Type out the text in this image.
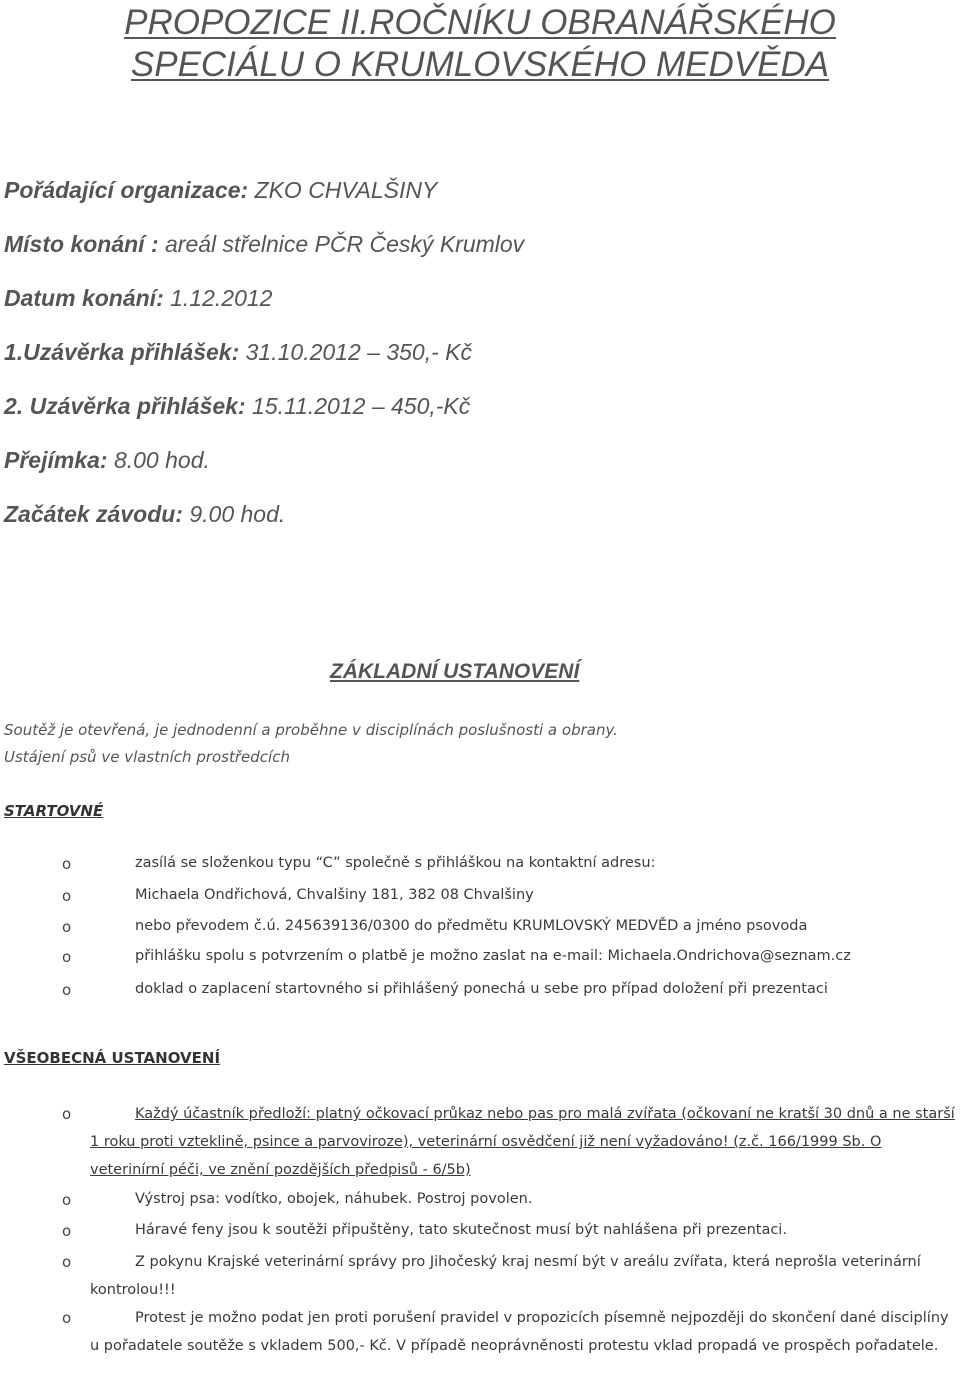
PROPOZICE II.ROČNÍKU OBRANÁŘSKÉHO
SPECIÁLU O KRUMLOVSKÉHO MEDVĚDA
Pořádající organizace: ZKO CHVALŠINY
Místo konání : areál střelnice PČR Český Krumlov
Datum konání: 1.12.2012
1.Uzávěrka přihlášek: 31.10.2012 – 350,- Kč
2. Uzávěrka přihlášek: 15.11.2012 – 450,-Kč
Přejímka: 8.00 hod.
Začátek závodu: 9.00 hod.
ZÁKLADNÍ USTANOVENÍ
Soutěž je otevřená, je jednodenní a proběhne v disciplínách poslušnosti a obrany.
Ustájení psů ve vlastních prostředcích
STARTOVNÉ
o	zasílá se složenkou typu “C” společně s přihláškou na kontaktní adresu:
o	Michaela Ondřichová, Chvalšiny 181, 382 08 Chvalšiny
o	nebo převodem č.ú. 245639136/0300 do předmětu KRUMLOVSKÝ MEDVĚD a jméno psovoda
o	přihlášku spolu s potvrzením o platbě je možno zaslat na e-mail: Michaela.Ondrichova@seznam.cz
o	doklad o zaplacení startovného si přihlášený ponechá u sebe pro případ doložení při prezentaci
VŠEOBECNÁ USTANOVENÍ
o	Každý účastník předloží: platný očkovací průkaz nebo pas pro malá zvířata (očkovaní ne kratší 30 dnů a ne starší 1 roku proti vzteklině, psince a parvoviroze), veterinární osvědčení již není vyžadováno! (z.č. 166/1999 Sb. O veterinírní péči, ve znění pozdějších předpisů - 6/5b)
o	Výstroj psa: vodítko, obojek, náhubek. Postroj povolen.
o	Háravé feny jsou k soutěži připuštěny, tato skutečnost musí být nahlášena při prezentaci.
o	Z pokynu Krajské veterinární správy pro Jihočeský kraj nesmí být v areálu zvířata, která neprošla veterinární kontrolou!!!
o	Protest je možno podat jen proti porušení pravidel v propozicích písemně nejpozději do skončení dané disciplíny u pořadatele soutěže s vkladem 500,- Kč. V případě neoprávněnosti protestu vklad propadá ve prospěch pořadatele.
